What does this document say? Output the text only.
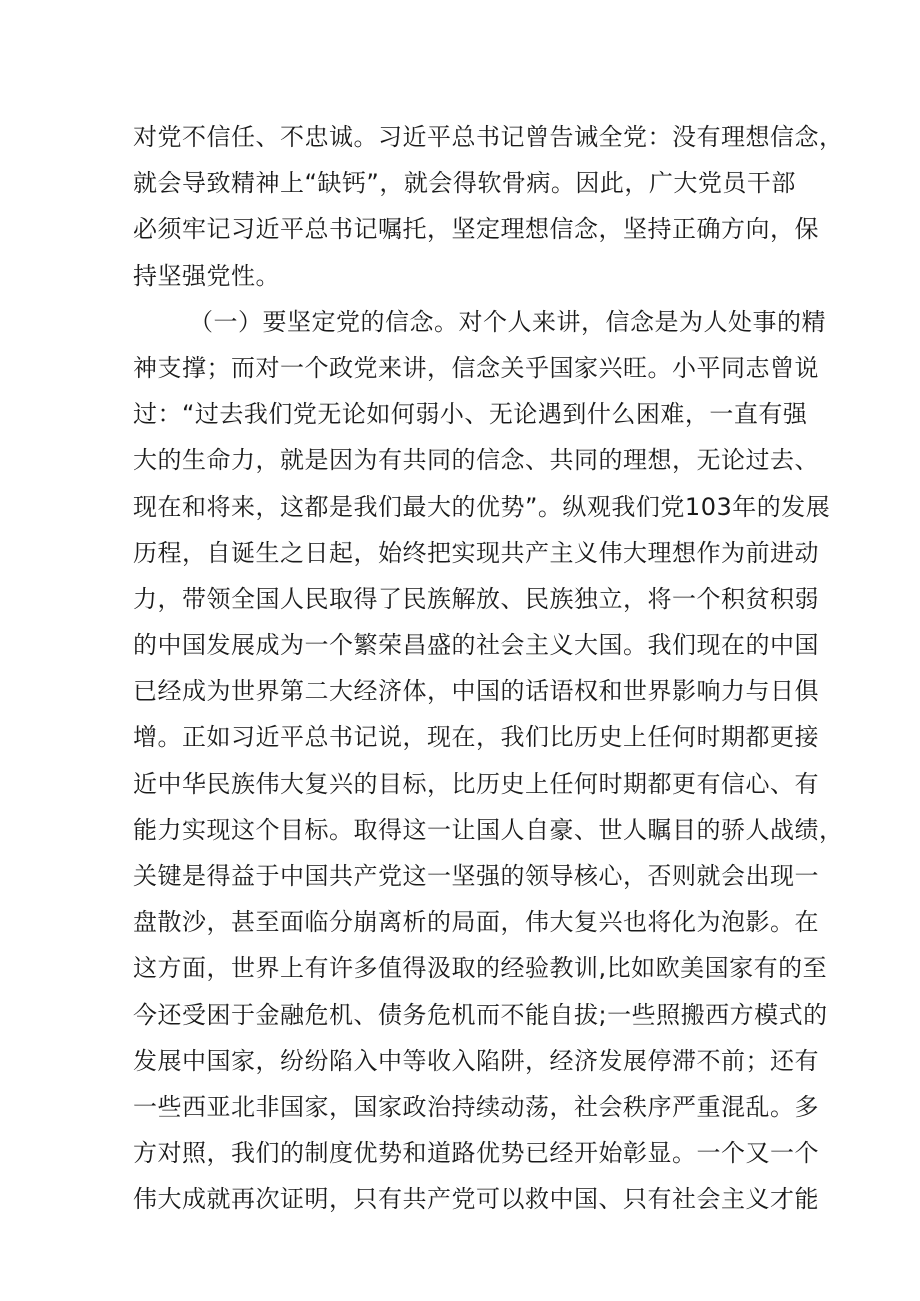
对党不信任、不忠诚。习近平总书记曾告诫全党：没有理想信念，
就会导致精神上“缺钙”，就会得软骨病。因此，广大党员干部
必须牢记习近平总书记嘱托，坚定理想信念，坚持正确方向，保
持坚强党性。
（一）要坚定党的信念。对个人来讲，信念是为人处事的精
神支撑；而对一个政党来讲，信念关乎国家兴旺。小平同志曾说
过：“过去我们党无论如何弱小、无论遇到什么困难，一直有强
大的生命力，就是因为有共同的信念、共同的理想，无论过去、
现在和将来，这都是我们最大的优势”。纵观我们党103年的发展
历程，自诞生之日起，始终把实现共产主义伟大理想作为前进动
力，带领全国人民取得了民族解放、民族独立，将一个积贫积弱
的中国发展成为一个繁荣昌盛的社会主义大国。我们现在的中国
已经成为世界第二大经济体，中国的话语权和世界影响力与日俱
增。正如习近平总书记说，现在，我们比历史上任何时期都更接
近中华民族伟大复兴的目标，比历史上任何时期都更有信心、有
能力实现这个目标。取得这一让国人自豪、世人瞩目的骄人战绩，
关键是得益于中国共产党这一坚强的领导核心，否则就会出现一
盘散沙，甚至面临分崩离析的局面，伟大复兴也将化为泡影。在
这方面，世界上有许多值得汲取的经验教训,比如欧美国家有的至
今还受困于金融危机、债务危机而不能自拔;一些照搬西方模式的
发展中国家，纷纷陷入中等收入陷阱，经济发展停滞不前；还有
一些西亚北非国家，国家政治持续动荡，社会秩序严重混乱。多
方对照，我们的制度优势和道路优势已经开始彰显。一个又一个
伟大成就再次证明，只有共产党可以救中国、只有社会主义才能
